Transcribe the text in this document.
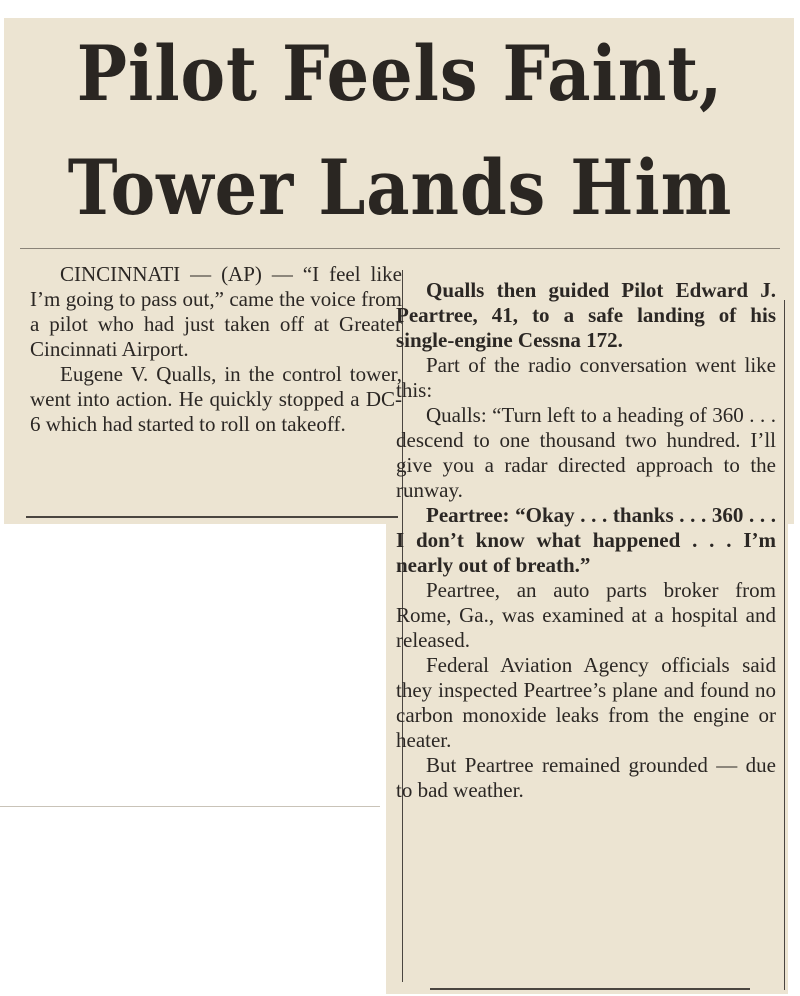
Pilot Feels Faint,
Tower Lands Him

CINCINNATI — (AP) — “I feel like I’m going to pass out,” came the voice from a pilot who had just taken off at Greater Cincinnati Airport.

Eugene V. Qualls, in the control tower, went into action. He quickly stopped a DC-6 which had started to roll on takeoff.

Qualls then guided Pilot Edward J. Peartree, 41, to a safe landing of his single-engine Cessna 172.

Part of the radio conversation went like this:

Qualls: “Turn left to a heading of 360 . . . descend to one thousand two hundred. I’ll give you a radar directed approach to the runway.

Peartree: “Okay . . . thanks . . . 360 . . . I don’t know what happened . . . I’m nearly out of breath.”

Peartree, an auto parts broker from Rome, Ga., was examined at a hospital and released.

Federal Aviation Agency officials said they inspected Peartree’s plane and found no carbon monoxide leaks from the engine or heater.

But Peartree remained grounded — due to bad weather.
